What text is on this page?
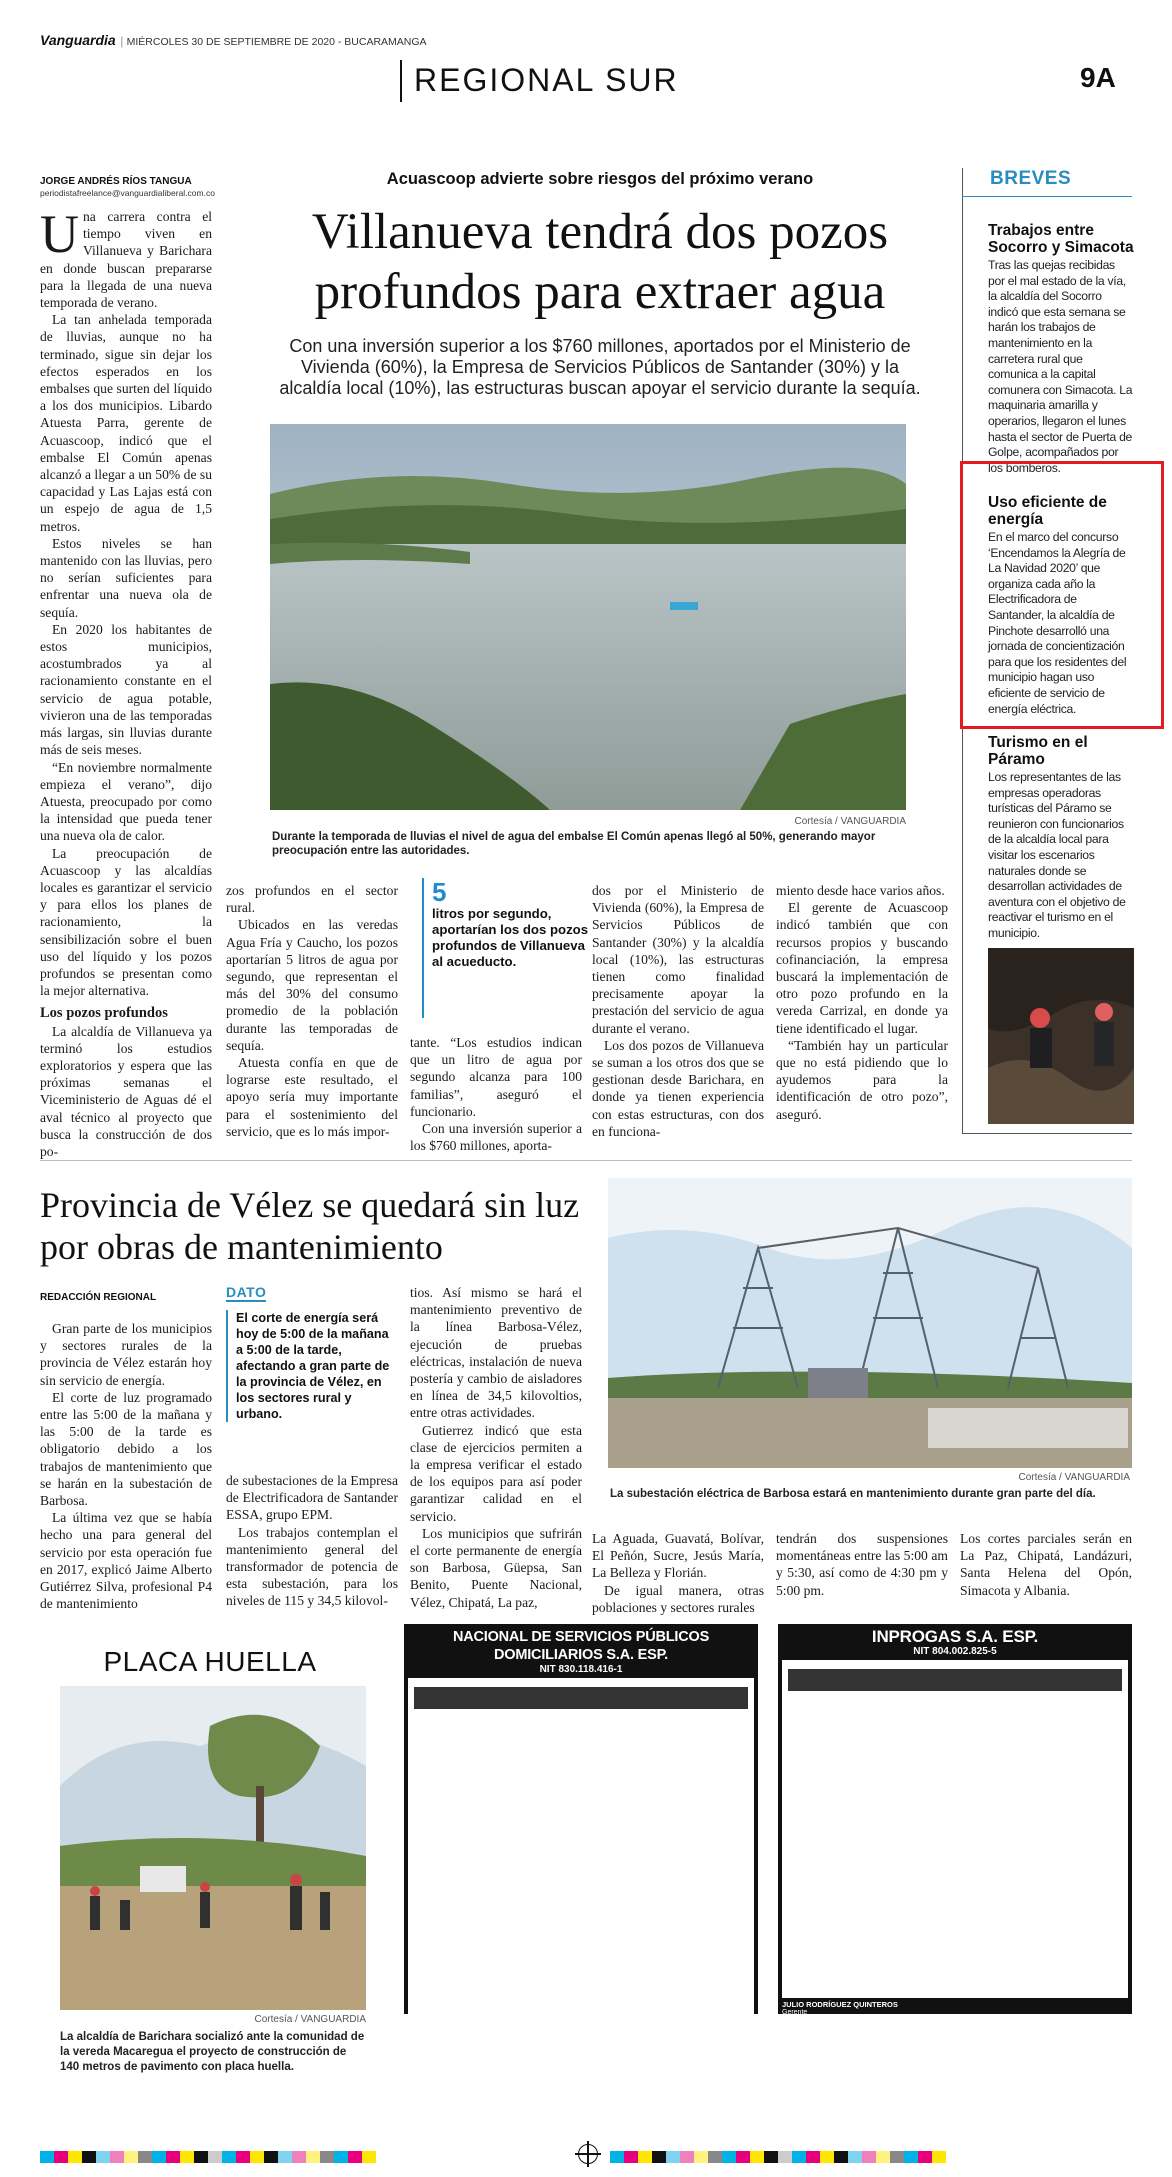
Vanguardia | MIÉRCOLES 30 DE SEPTIEMBRE DE 2020 - BUCARAMANGA
REGIONAL SUR	9A
JORGE ANDRÉS RÍOS TANGUA
periodistafreelance@vanguardialiberal.com.co
Acuascoop advierte sobre riesgos del próximo verano
Villanueva tendrá dos pozos profundos para extraer agua
Con una inversión superior a los $760 millones, aportados por el Ministerio de Vivienda (60%), la Empresa de Servicios Públicos de Santander (30%) y la alcaldía local (10%), las estructuras buscan apoyar el servicio durante la sequía.
Cortesía / VANGUARDIA
Durante la temporada de lluvias el nivel de agua del embalse El Común apenas llegó al 50%, generando mayor preocupación entre las autoridades.

Una carrera contra el tiempo viven en Villanueva y Barichara en donde buscan prepararse para la llegada de una nueva temporada de verano.

La tan anhelada temporada de lluvias, aunque no ha terminado, sigue sin dejar los efectos esperados en los embalses que surten del líquido a los dos municipios. Libardo Atuesta Parra, gerente de Acuascoop, indicó que el embalse El Común apenas alcanzó a llegar a un 50% de su capacidad y Las Lajas está con un espejo de agua de 1,5 metros.

Estos niveles se han mantenido con las lluvias, pero no serían suficientes para enfrentar una nueva ola de sequía.

En 2020 los habitantes de estos municipios, acostumbrados ya al racionamiento constante en el servicio de agua potable, vivieron una de las temporadas más largas, sin lluvias durante más de seis meses.

“En noviembre normalmente empieza el verano”, dijo Atuesta, preocupado por como la intensidad que pueda tener una nueva ola de calor.

La preocupación de Acuascoop y las alcaldías locales es garantizar el servicio y para ellos los planes de racionamiento, la sensibilización sobre el buen uso del líquido y los pozos profundos se presentan como la mejor alternativa.

Los pozos profundos

La alcaldía de Villanueva ya terminó los estudios exploratorios y espera que las próximas semanas el Viceministerio de Aguas dé el aval técnico al proyecto que busca la construcción de dos po-

zos profundos en el sector rural.

Ubicados en las veredas Agua Fría y Caucho, los pozos aportarían 5 litros de agua por segundo, que representan el más del 30% del consumo promedio de la población durante las temporadas de sequía.

Atuesta confía en que de lograrse este resultado, el apoyo sería muy importante para el sostenimiento del servicio, que es lo más impor-

5
litros por segundo, aportarían los dos pozos profundos de Villanueva al acueducto.

tante. “Los estudios indican que un litro de agua por segundo alcanza para 100 familias”, aseguró el funcionario.

Con una inversión superior a los $760 millones, aporta-

dos por el Ministerio de Vivienda (60%), la Empresa de Servicios Públicos de Santander (30%) y la alcaldía local (10%), las estructuras tienen como finalidad precisamente apoyar la prestación del servicio de agua durante el verano.

Los dos pozos de Villanueva se suman a los otros dos que se gestionan desde Barichara, en donde ya tienen experiencia con estas estructuras, con dos en funciona-

miento desde hace varios años.

El gerente de Acuascoop indicó también que con recursos propios y buscando cofinanciación, la empresa buscará la implementación de otro pozo profundo en la vereda Carrizal, en donde ya tiene identificado el lugar.

“También hay un particular que no está pidiendo que lo ayudemos para la identificación de otro pozo”, aseguró.

BREVES
Trabajos entre Socorro y Simacota
Tras las quejas recibidas por el mal estado de la vía, la alcaldía del Socorro indicó que esta semana se harán los trabajos de mantenimiento en la carretera rural que comunica a la capital comunera con Simacota. La maquinaria amarilla y operarios, llegaron el lunes hasta el sector de Puerta de Golpe, acompañados por los bomberos.
Uso eficiente de energía
En el marco del concurso ‘Encendamos la Alegría de La Navidad 2020’ que organiza cada año la Electrificadora de Santander, la alcaldía de Pinchote desarrolló una jornada de concientización para que los residentes del municipio hagan uso eficiente de servicio de energía eléctrica.
Turismo en el Páramo
Los representantes de las empresas operadoras turísticas del Páramo se reunieron con funcionarios de la alcaldía local para visitar los escenarios naturales donde se desarrollan actividades de aventura con el objetivo de reactivar el turismo en el municipio.
Provincia de Vélez se quedará sin luz por obras de mantenimiento
REDACCIÓN REGIONAL

Gran parte de los municipios y sectores rurales de la provincia de Vélez estarán hoy sin servicio de energía.

El corte de luz programado entre las 5:00 de la mañana y las 5:00 de la tarde es obligatorio debido a los trabajos de mantenimiento que se harán en la subestación de Barbosa.

La última vez que se había hecho una para general del servicio por esta operación fue en 2017, explicó Jaime Alberto Gutiérrez Silva, profesional P4 de mantenimiento

DATO
El corte de energía será hoy de 5:00 de la mañana a 5:00 de la tarde, afectando a gran parte de la provincia de Vélez, en los sectores rural y urbano.

de subestaciones de la Empresa de Electrificadora de Santander ESSA, grupo EPM.

Los trabajos contemplan el mantenimiento general del transformador de potencia de esta subestación, para los niveles de 115 y 34,5 kilovol-

tios. Así mismo se hará el mantenimiento preventivo de la línea Barbosa-Vélez, ejecución de pruebas eléctricas, instalación de nueva postería y cambio de aisladores en línea de 34,5 kilovoltios, entre otras actividades.

Gutierrez indicó que esta clase de ejercicios permiten a la empresa verificar el estado de los equipos para así poder garantizar calidad en el servicio.

Los municipios que sufrirán el corte permanente de energía son Barbosa, Güepsa, San Benito, Puente Nacional, Vélez, Chipatá, La paz,

Cortesía / VANGUARDIA
La subestación eléctrica de Barbosa estará en mantenimiento durante gran parte del día.

La Aguada, Guavatá, Bolívar, El Peñón, Sucre, Jesús María, La Belleza y Florián.

De igual manera, otras poblaciones y sectores rurales

tendrán dos suspensiones momentáneas entre las 5:00 am y 5:30, así como de 4:30 pm y 5:00 pm.

Los cortes parciales serán en La Paz, Chipatá, Landázuri, Santa Helena del Opón, Simacota y Albania.

PLACA HUELLA
Cortesía / VANGUARDIA
La alcaldía de Barichara socializó ante la comunidad de la vereda Macaregua el proyecto de construcción de 140 metros de pavimento con placa huella.
NACIONAL DE SERVICIOS PÚBLICOS DOMICILIARIOS S.A. ESP.
NIT 830.118.416-1

ELIZABETH MARCELO CASAS
Presidente
INPROGAS S.A. ESP.
NIT 804.002.825-5

JULIO RODRÍGUEZ QUINTEROS
Gerente
